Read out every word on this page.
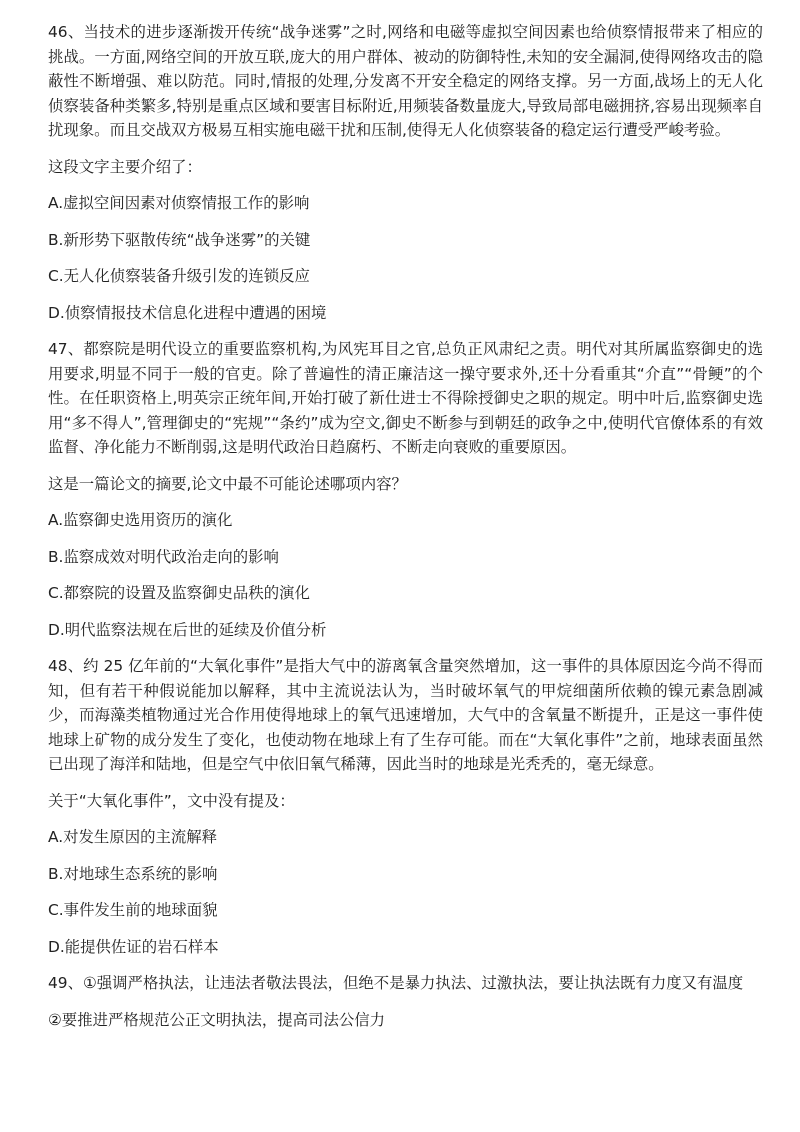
46、当技术的进步逐渐拨开传统“战争迷雾”之时,网络和电磁等虚拟空间因素也给侦察情报带来了相应的挑战。一方面,网络空间的开放互联,庞大的用户群体、被动的防御特性,未知的安全漏洞,使得网络攻击的隐蔽性不断增强、难以防范。同时,情报的处理,分发离不开安全稳定的网络支撑。另一方面,战场上的无人化侦察装备种类繁多,特别是重点区域和要害目标附近,用频装备数量庞大,导致局部电磁拥挤,容易出现频率自扰现象。而且交战双方极易互相实施电磁干扰和压制,使得无人化侦察装备的稳定运行遭受严峻考验。

这段文字主要介绍了：

A.虚拟空间因素对侦察情报工作的影响

B.新形势下驱散传统“战争迷雾”的关键

C.无人化侦察装备升级引发的连锁反应

D.侦察情报技术信息化进程中遭遇的困境

47、都察院是明代设立的重要监察机构,为风宪耳目之官,总负正风肃纪之责。明代对其所属监察御史的选用要求,明显不同于一般的官吏。除了普遍性的清正廉洁这一操守要求外,还十分看重其“介直”“骨鲠”的个性。在任职资格上,明英宗正统年间,开始打破了新仕进士不得除授御史之职的规定。明中叶后,监察御史选用“多不得人”,管理御史的“宪规”“条约”成为空文,御史不断参与到朝廷的政争之中,使明代官僚体系的有效监督、净化能力不断削弱,这是明代政治日趋腐朽、不断走向衰败的重要原因。

这是一篇论文的摘要,论文中最不可能论述哪项内容？

A.监察御史选用资历的演化

B.监察成效对明代政治走向的影响

C.都察院的设置及监察御史品秩的演化

D.明代监察法规在后世的延续及价值分析

48、约 25 亿年前的“大氧化事件”是指大气中的游离氧含量突然增加，这一事件的具体原因迄今尚不得而知，但有若干种假说能加以解释，其中主流说法认为，当时破坏氧气的甲烷细菌所依赖的镍元素急剧减少，而海藻类植物通过光合作用使得地球上的氧气迅速增加，大气中的含氧量不断提升，正是这一事件使地球上矿物的成分发生了变化，也使动物在地球上有了生存可能。而在“大氧化事件”之前，地球表面虽然已出现了海洋和陆地，但是空气中依旧氧气稀薄，因此当时的地球是光秃秃的，毫无绿意。

关于“大氧化事件”，文中没有提及：

A.对发生原因的主流解释

B.对地球生态系统的影响

C.事件发生前的地球面貌

D.能提供佐证的岩石样本

49、①强调严格执法，让违法者敬法畏法，但绝不是暴力执法、过激执法，要让执法既有力度又有温度

②要推进严格规范公正文明执法，提高司法公信力
